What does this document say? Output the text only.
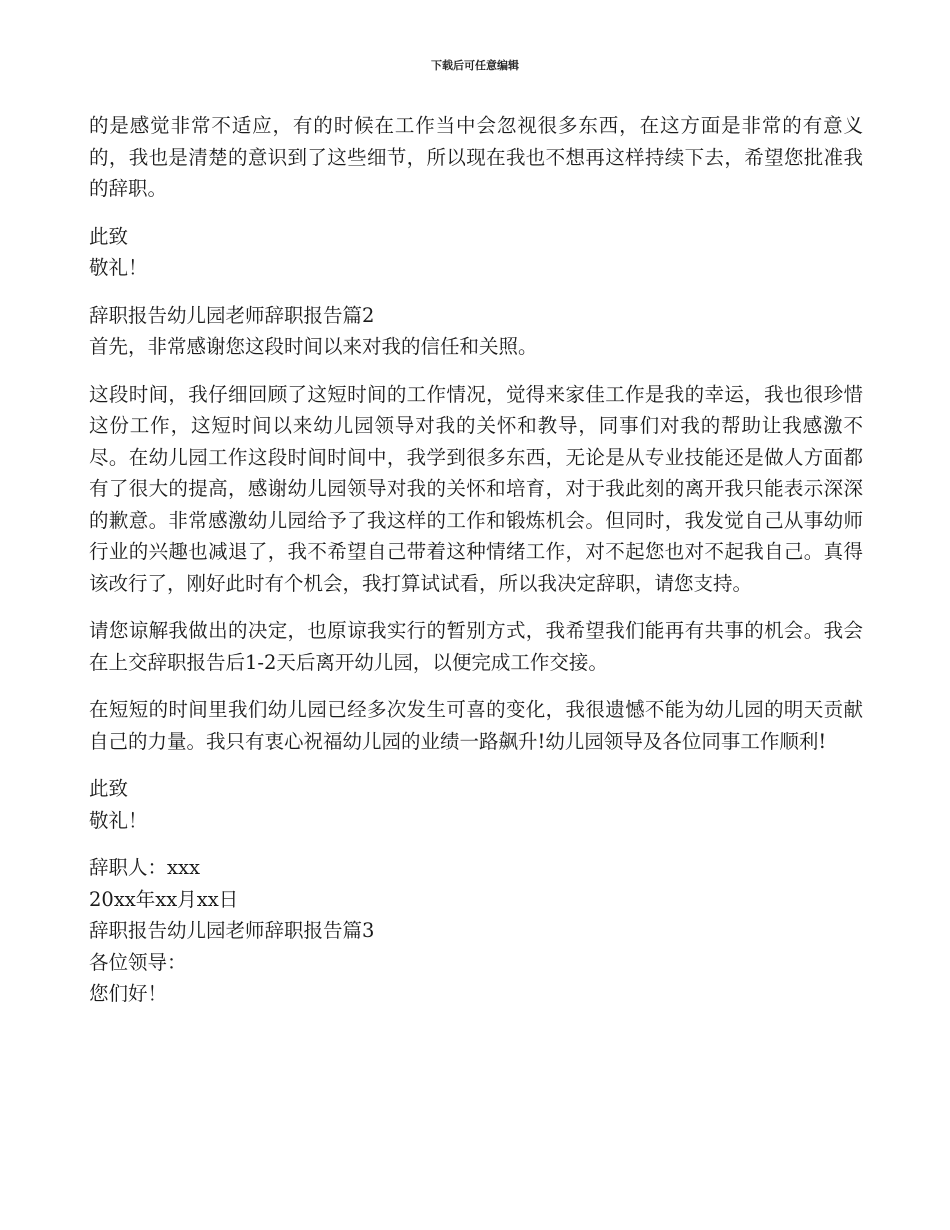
下载后可任意编辑

的是感觉非常不适应，有的时候在工作当中会忽视很多东西，在这方面是非常的有意义的，我也是清楚的意识到了这些细节，所以现在我也不想再这样持续下去，希望您批准我的辞职。

此致

敬礼！

辞职报告幼儿园老师辞职报告篇2

首先，非常感谢您这段时间以来对我的信任和关照。

这段时间，我仔细回顾了这短时间的工作情况，觉得来家佳工作是我的幸运，我也很珍惜这份工作，这短时间以来幼儿园领导对我的关怀和教导，同事们对我的帮助让我感激不尽。在幼儿园工作这段时间时间中，我学到很多东西，无论是从专业技能还是做人方面都有了很大的提高，感谢幼儿园领导对我的关怀和培育，对于我此刻的离开我只能表示深深的歉意。非常感激幼儿园给予了我这样的工作和锻炼机会。但同时，我发觉自己从事幼师行业的兴趣也减退了，我不希望自己带着这种情绪工作，对不起您也对不起我自己。真得该改行了，刚好此时有个机会，我打算试试看，所以我决定辞职，请您支持。

请您谅解我做出的决定，也原谅我实行的暂别方式，我希望我们能再有共事的机会。我会在上交辞职报告后1-2天后离开幼儿园，以便完成工作交接。

在短短的时间里我们幼儿园已经多次发生可喜的变化，我很遗憾不能为幼儿园的明天贡献自己的力量。我只有衷心祝福幼儿园的业绩一路飙升!幼儿园领导及各位同事工作顺利!

此致

敬礼！

辞职人：xxx

20xx年xx月xx日

辞职报告幼儿园老师辞职报告篇3

各位领导：

您们好！
